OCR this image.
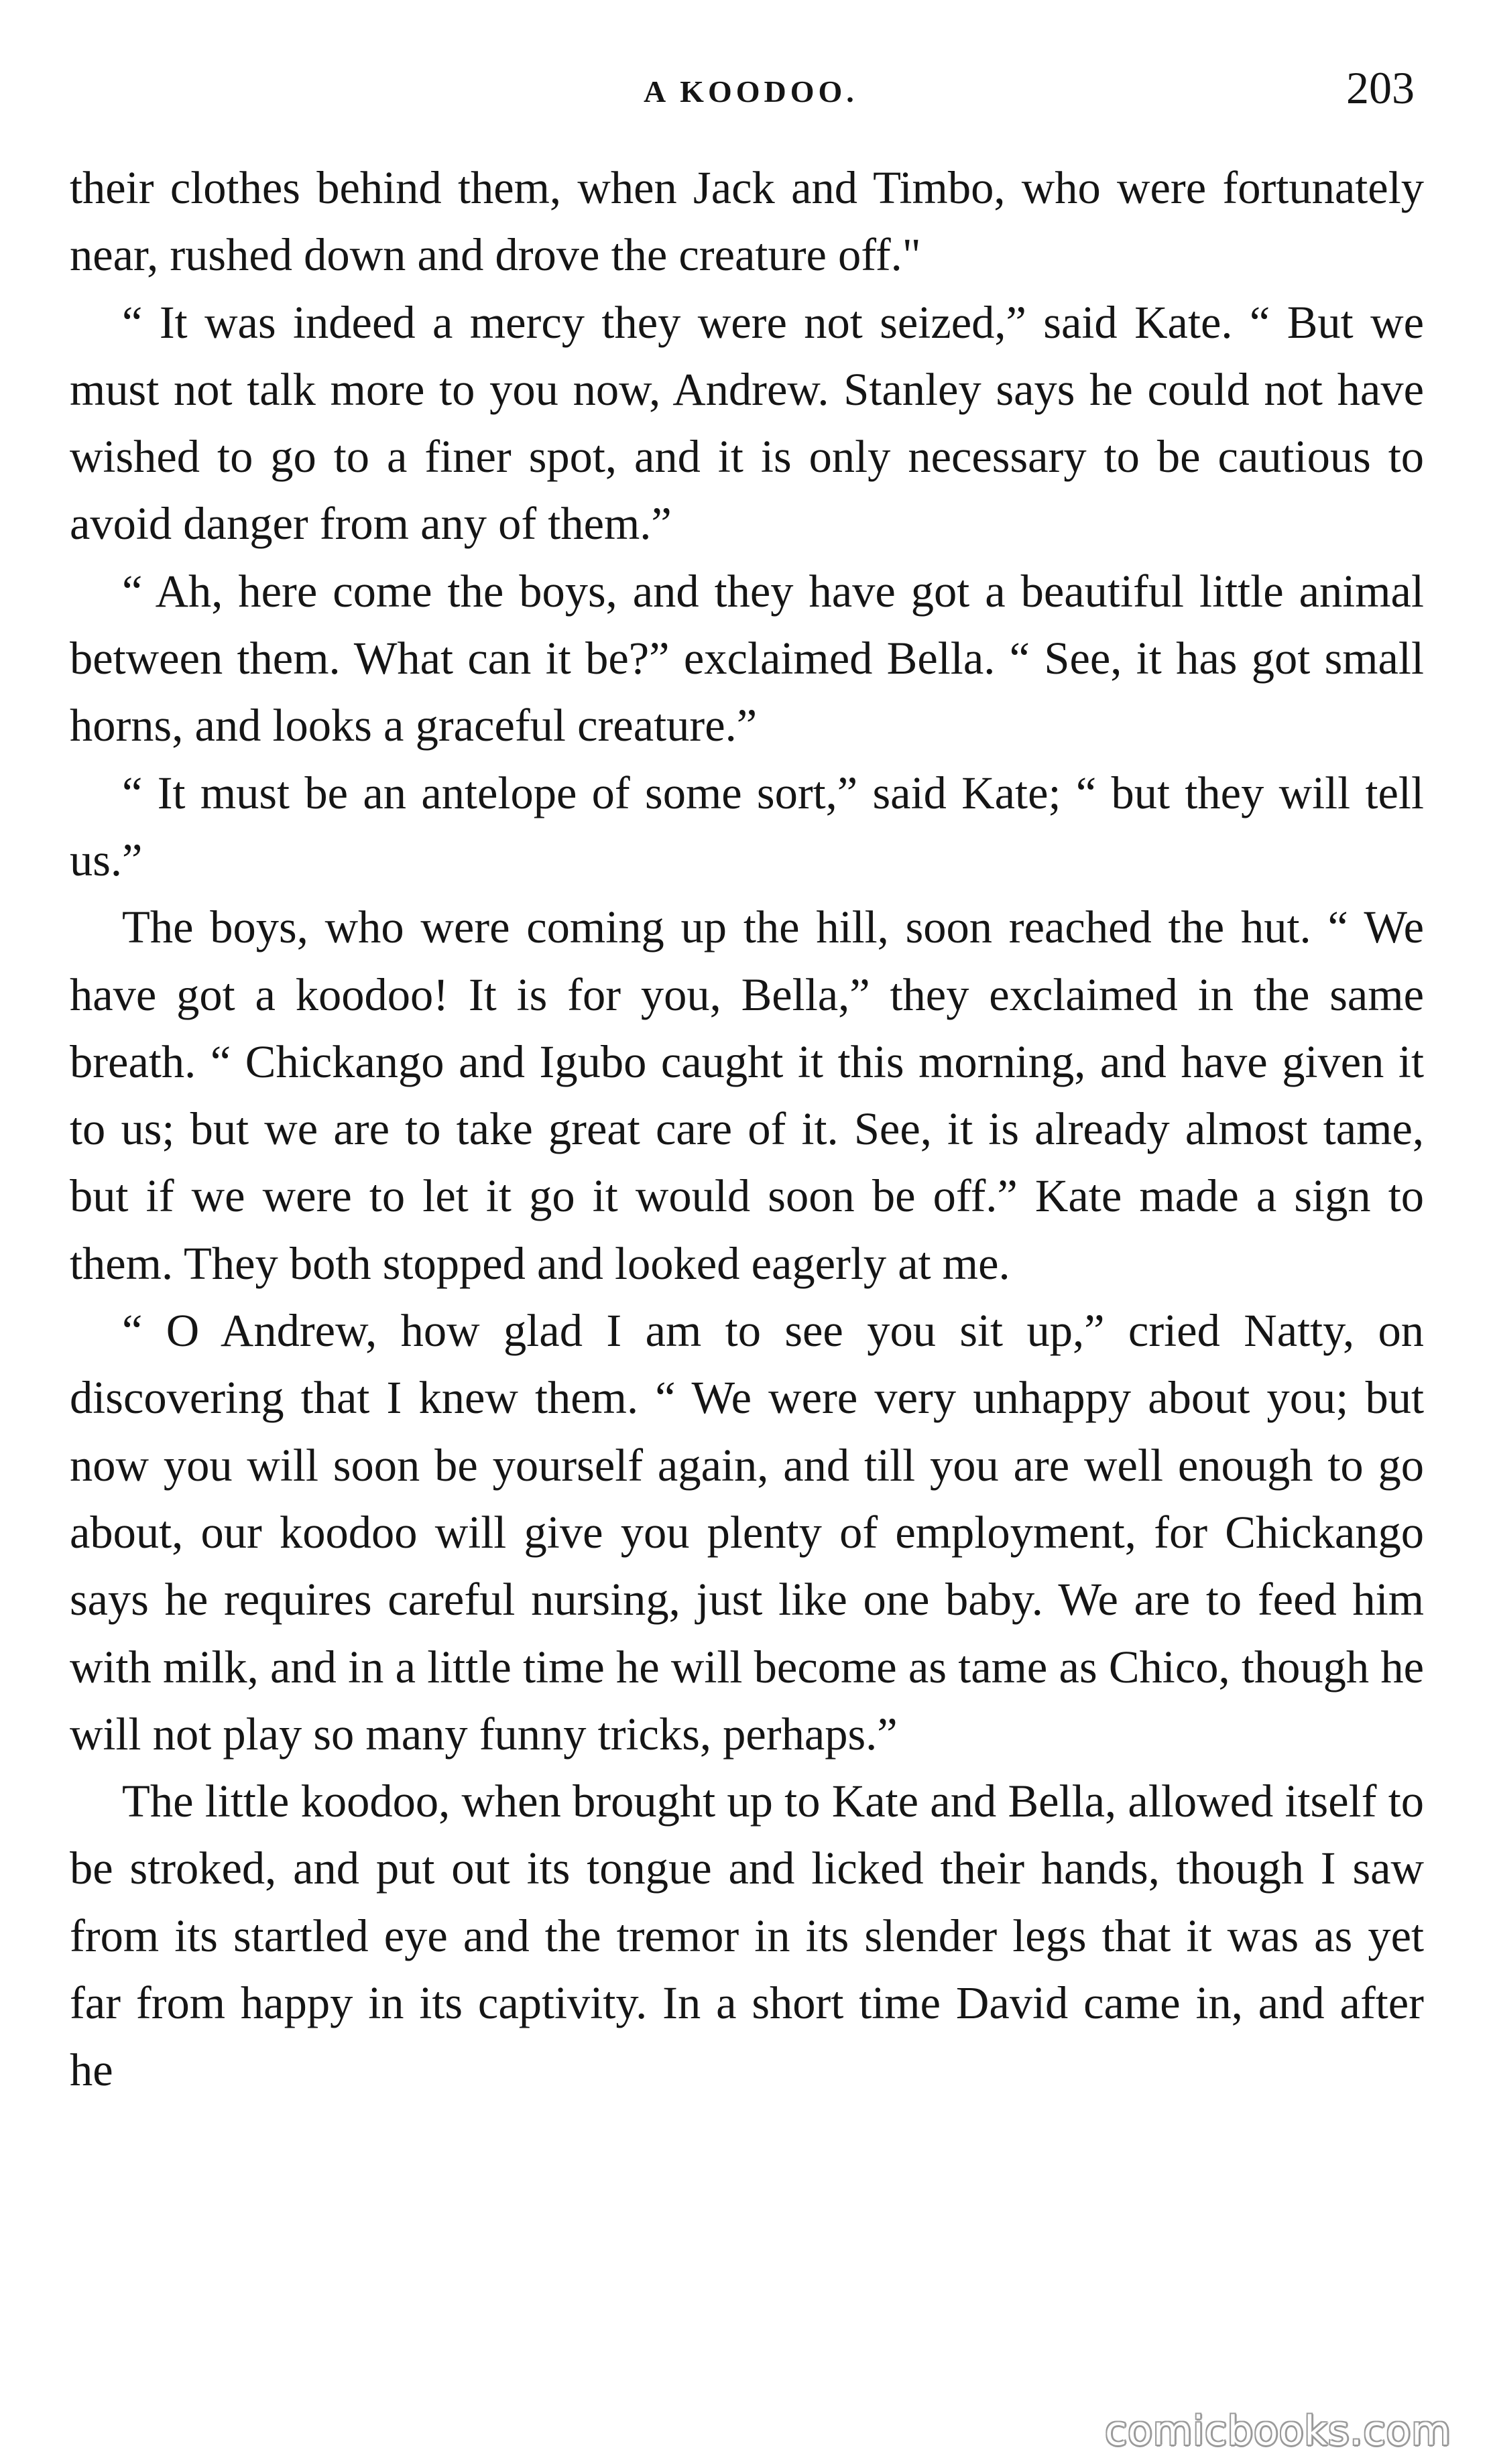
A KOODOO.	203

their clothes behind them, when Jack and Timbo, who were fortunately near, rushed down and drove the creature off."

“ It was indeed a mercy they were not seized,” said Kate. “ But we must not talk more to you now, Andrew. Stanley says he could not have wished to go to a finer spot, and it is only necessary to be cautious to avoid danger from any of them.”

“ Ah, here come the boys, and they have got a beautiful little animal between them. What can it be?” exclaimed Bella. “ See, it has got small horns, and looks a graceful creature.”

“ It must be an antelope of some sort,” said Kate; “ but they will tell us.”

The boys, who were coming up the hill, soon reached the hut. “ We have got a koodoo! It is for you, Bella,” they exclaimed in the same breath. “ Chickango and Igubo caught it this morning, and have given it to us; but we are to take great care of it. See, it is already almost tame, but if we were to let it go it would soon be off.” Kate made a sign to them. They both stopped and looked eagerly at me.

“ O Andrew, how glad I am to see you sit up,” cried Natty, on discovering that I knew them. “ We were very unhappy about you; but now you will soon be yourself again, and till you are well enough to go about, our koodoo will give you plenty of employment, for Chickango says he requires careful nursing, just like one baby. We are to feed him with milk, and in a little time he will become as tame as Chico, though he will not play so many funny tricks, perhaps.”

The little koodoo, when brought up to Kate and Bella, allowed itself to be stroked, and put out its tongue and licked their hands, though I saw from its startled eye and the tremor in its slender legs that it was as yet far from happy in its captivity. In a short time David came in, and after he

comicbooks.com
